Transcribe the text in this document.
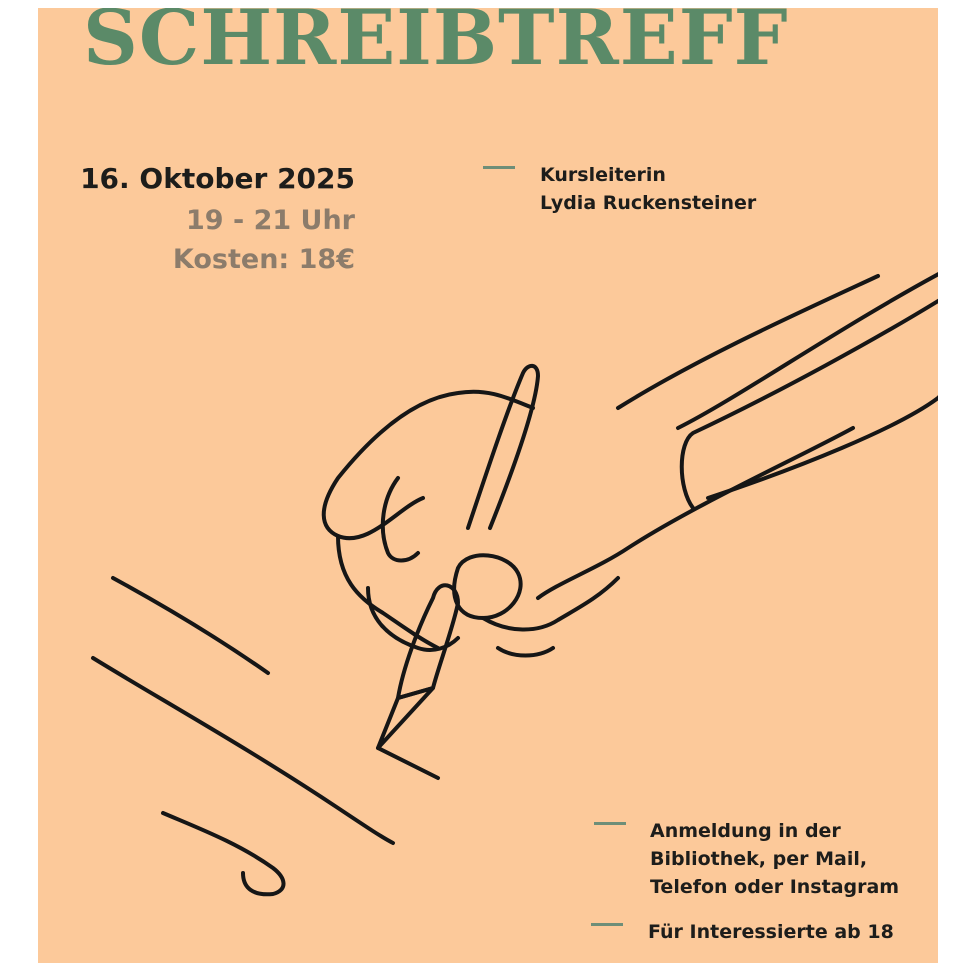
SCHREIBTREFF
16. Oktober 2025
19 - 21 Uhr
Kosten: 18€
Kursleiterin
Lydia Ruckensteiner
Anmeldung in der
Bibliothek, per Mail,
Telefon oder Instagram
Für Interessierte ab 18
